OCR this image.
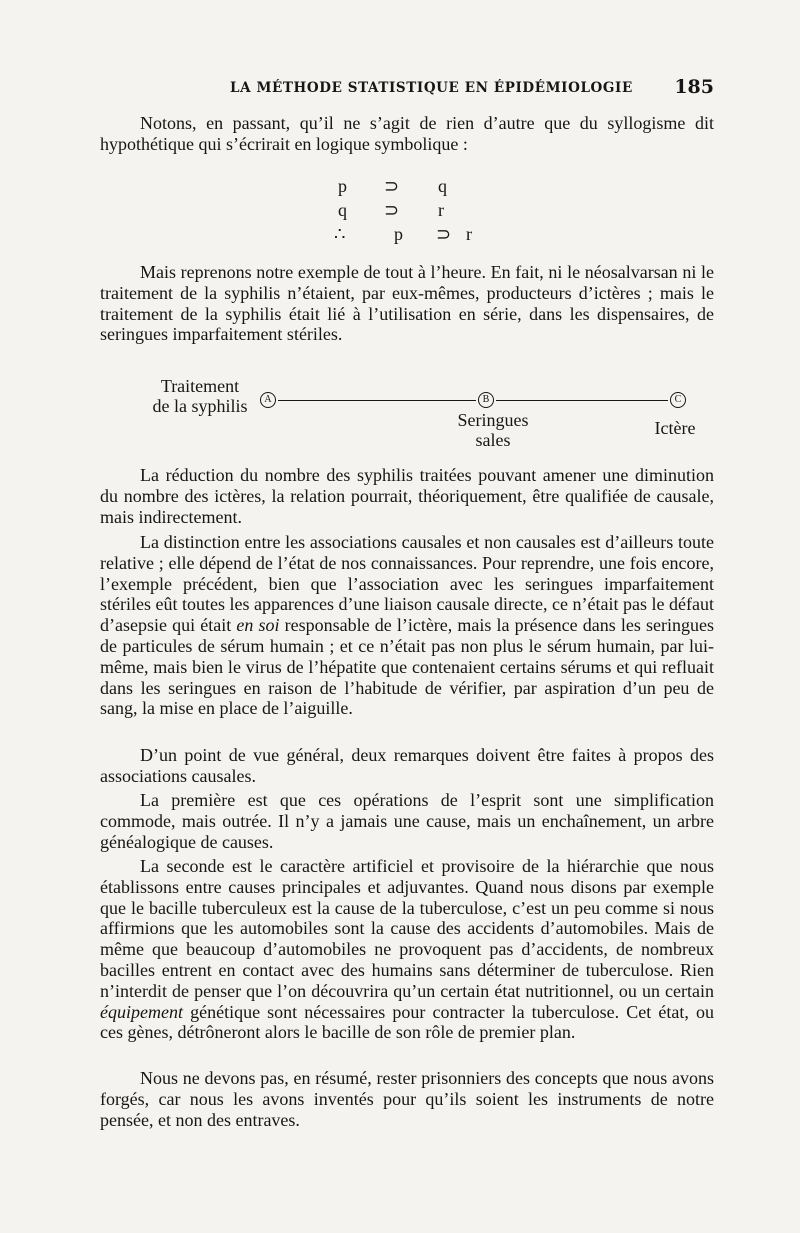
LA MÉTHODE STATISTIQUE EN ÉPIDÉMIOLOGIE 185

Notons, en passant, qu’il ne s’agit de rien d’autre que du syllogisme dit hypothétique qui s’écrirait en logique symbolique :

p ⊃ q
q ⊃ r
∴	p ⊃ r

Mais reprenons notre exemple de tout à l’heure. En fait, ni le néosalvarsan ni le traitement de la syphilis n’étaient, par eux-mêmes, producteurs d’ictères ; mais le traitement de la syphilis était lié à l’utilisation en série, dans les dispensaires, de seringues imparfaitement stériles.

Traitement
de la syphilis	A	B	C
Seringues
sales
Ictère

La réduction du nombre des syphilis traitées pouvant amener une diminution du nombre des ictères, la relation pourrait, théoriquement, être qualifiée de causale, mais indirectement.

La distinction entre les associations causales et non causales est d’ailleurs toute relative ; elle dépend de l’état de nos connaissances. Pour reprendre, une fois encore, l’exemple précédent, bien que l’association avec les seringues imparfaitement stériles eût toutes les apparences d’une liaison causale directe, ce n’était pas le défaut d’asepsie qui était en soi responsable de l’ictère, mais la présence dans les seringues de particules de sérum humain ; et ce n’était pas non plus le sérum humain, par lui-même, mais bien le virus de l’hépatite que contenaient certains sérums et qui refluait dans les seringues en raison de l’habitude de vérifier, par aspiration d’un peu de sang, la mise en place de l’aiguille.

D’un point de vue général, deux remarques doivent être faites à propos des associations causales.

La première est que ces opérations de l’esprit sont une simplification commode, mais outrée. Il n’y a jamais une cause, mais un enchaînement, un arbre généalogique de causes.

La seconde est le caractère artificiel et provisoire de la hiérarchie que nous établissons entre causes principales et adjuvantes. Quand nous disons par exemple que le bacille tuberculeux est la cause de la tuberculose, c’est un peu comme si nous affirmions que les automobiles sont la cause des accidents d’automobiles. Mais de même que beaucoup d’automobiles ne provoquent pas d’accidents, de nombreux bacilles entrent en contact avec des humains sans déterminer de tuberculose. Rien n’interdit de penser que l’on découvrira qu’un certain état nutritionnel, ou un certain équipement génétique sont nécessaires pour contracter la tuberculose. Cet état, ou ces gènes, détrôneront alors le bacille de son rôle de premier plan.

Nous ne devons pas, en résumé, rester prisonniers des concepts que nous avons forgés, car nous les avons inventés pour qu’ils soient les instruments de notre pensée, et non des entraves.
